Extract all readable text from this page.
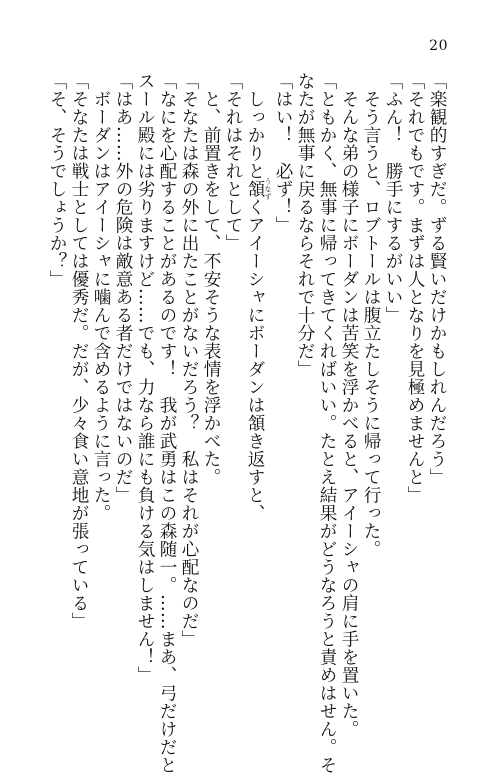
20
「楽観的すぎだ。ずる賢いだけかもしれんだろう」
「それでもです。まずは人となりを見極めませんと」
「ふん！　勝手にするがいい」
　そう言うと、ロブトールは腹立たしそうに帰って行った。
　そんな弟の様子にボーダンは苦笑を浮かべると、アイーシャの肩に手を置いた。
「ともかく、無事に帰ってきてくればいい。たとえ結果がどうなろうと責めはせん。そ
なたが無事に戻るならそれで十分だ」
「はい！　必ず！」
　しっかりと頷 うなずくアイーシャにボーダンは頷き返すと、
「それはそれとして」
　と、前置きをして、不安そうな表情を浮かべた。
「そなたは森の外に出たことがないだろう？　私はそれが心配なのだ」
「なにを心配することがあるのです！　我が武勇はこの森随一。……まあ、弓だけだと
スール殿には劣りますけど……でも、力なら誰にも負ける気はしません！」
「はあ……外の危険は敵意ある者だけではないのだ」
　ボーダンはアイーシャに噛んで含めるように言った。
「そなたは戦士としては優秀だ。だが、少々食い意地が張っている」
「そ、そうでしょうか？」
